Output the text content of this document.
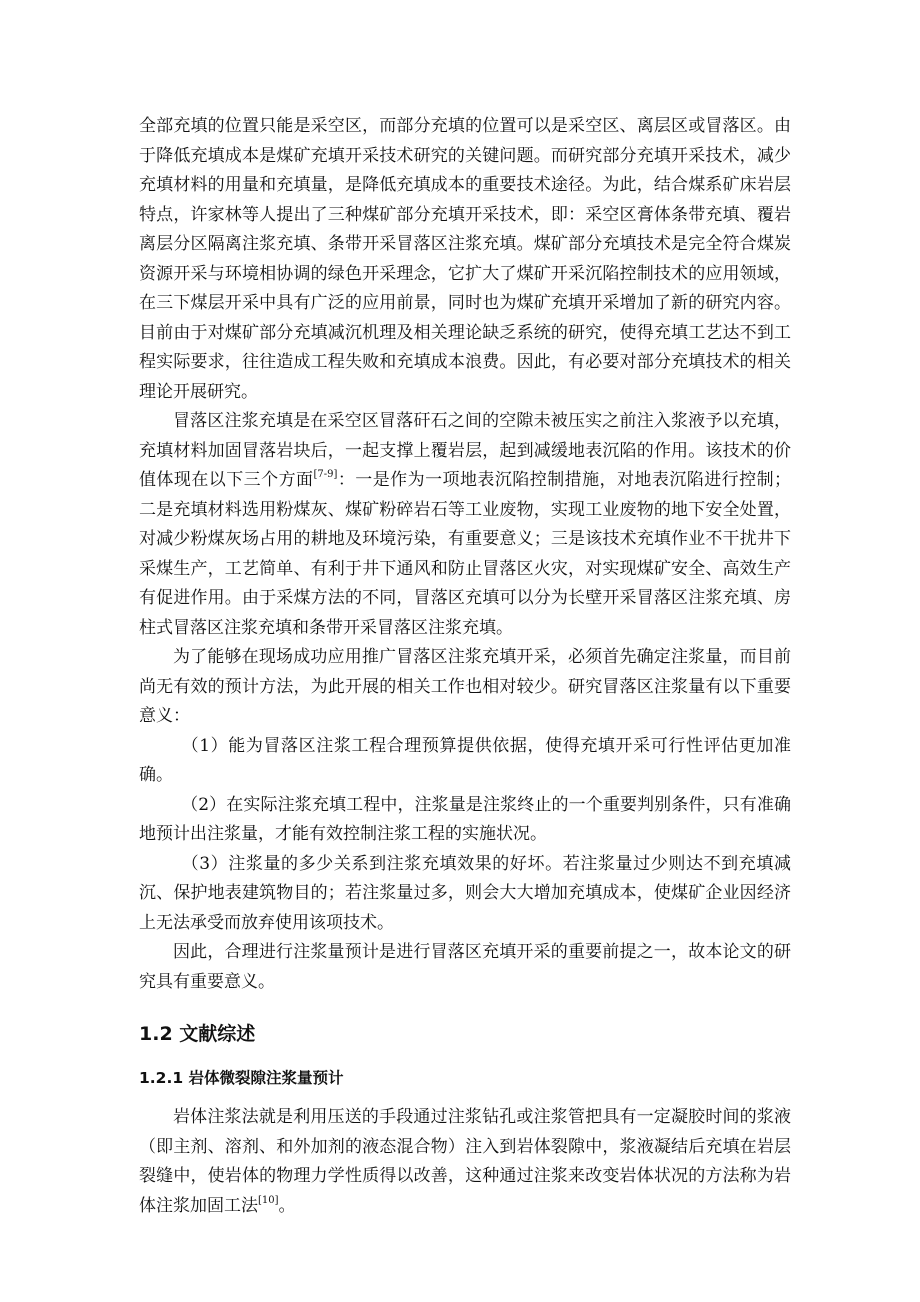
全部充填的位置只能是采空区，而部分充填的位置可以是采空区、离层区或冒落区。由于降低充填成本是煤矿充填开采技术研究的关键问题。而研究部分充填开采技术，减少充填材料的用量和充填量，是降低充填成本的重要技术途径。为此，结合煤系矿床岩层特点，许家林等人提出了三种煤矿部分充填开采技术，即：采空区膏体条带充填、覆岩离层分区隔离注浆充填、条带开采冒落区注浆充填。煤矿部分充填技术是完全符合煤炭资源开采与环境相协调的绿色开采理念，它扩大了煤矿开采沉陷控制技术的应用领域，在三下煤层开采中具有广泛的应用前景，同时也为煤矿充填开采增加了新的研究内容。目前由于对煤矿部分充填减沉机理及相关理论缺乏系统的研究，使得充填工艺达不到工程实际要求，往往造成工程失败和充填成本浪费。因此，有必要对部分充填技术的相关理论开展研究。

冒落区注浆充填是在采空区冒落矸石之间的空隙未被压实之前注入浆液予以充填，充填材料加固冒落岩块后，一起支撑上覆岩层，起到减缓地表沉陷的作用。该技术的价值体现在以下三个方面[7-9]：一是作为一项地表沉陷控制措施，对地表沉陷进行控制；二是充填材料选用粉煤灰、煤矿粉碎岩石等工业废物，实现工业废物的地下安全处置，对减少粉煤灰场占用的耕地及环境污染，有重要意义；三是该技术充填作业不干扰井下采煤生产，工艺简单、有利于井下通风和防止冒落区火灾，对实现煤矿安全、高效生产有促进作用。由于采煤方法的不同，冒落区充填可以分为长壁开采冒落区注浆充填、房柱式冒落区注浆充填和条带开采冒落区注浆充填。

为了能够在现场成功应用推广冒落区注浆充填开采，必须首先确定注浆量，而目前尚无有效的预计方法，为此开展的相关工作也相对较少。研究冒落区注浆量有以下重要意义：

（1）能为冒落区注浆工程合理预算提供依据，使得充填开采可行性评估更加准确。

（2）在实际注浆充填工程中，注浆量是注浆终止的一个重要判别条件，只有准确地预计出注浆量，才能有效控制注浆工程的实施状况。

（3）注浆量的多少关系到注浆充填效果的好坏。若注浆量过少则达不到充填减沉、保护地表建筑物目的；若注浆量过多，则会大大增加充填成本，使煤矿企业因经济上无法承受而放弃使用该项技术。

因此，合理进行注浆量预计是进行冒落区充填开采的重要前提之一，故本论文的研究具有重要意义。

1.2 文献综述
1.2.1 岩体微裂隙注浆量预计

岩体注浆法就是利用压送的手段通过注浆钻孔或注浆管把具有一定凝胶时间的浆液（即主剂、溶剂、和外加剂的液态混合物）注入到岩体裂隙中，浆液凝结后充填在岩层裂缝中，使岩体的物理力学性质得以改善，这种通过注浆来改变岩体状况的方法称为岩体注浆加固工法[10]。
